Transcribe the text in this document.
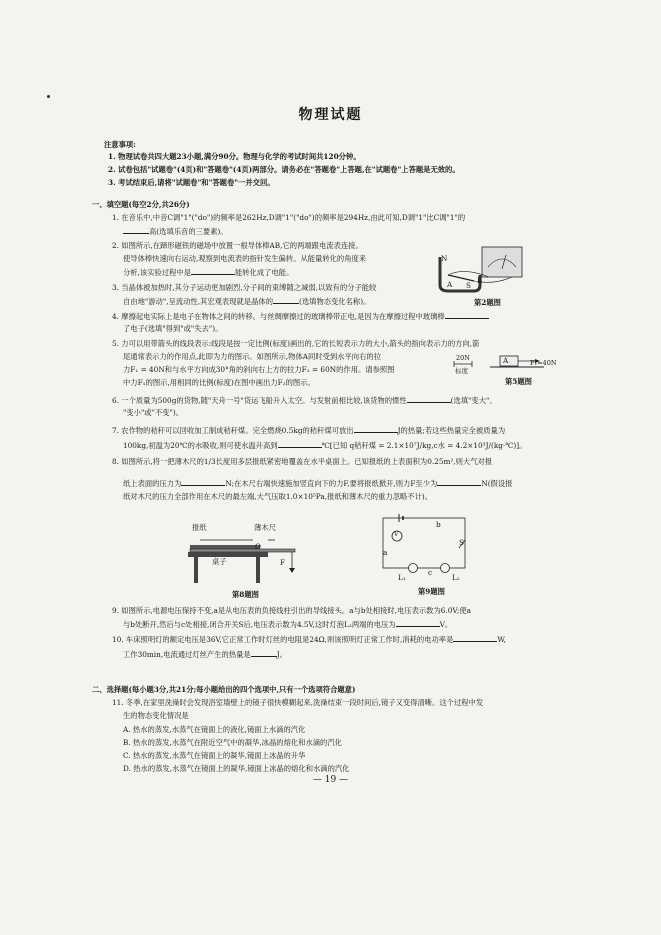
物理试题
注意事项:
1. 物理试卷共四大题23小题,满分90分。物理与化学的考试时间共120分钟。
2. 试卷包括"试题卷"(4页)和"答题卷"(4页)两部分。请务必在"答题卷"上答题,在"试题卷"上答题是无效的。
3. 考试结束后,请将"试题卷"和"答题卷"一并交回。
一、填空题(每空2分,共26分)
1. 在音乐中,中音C调"1"("do")的频率是262Hz,D调"1"("do")的频率是294Hz,由此可知,D调"1"比C调"1"的
高(选填乐音的三要素)。
2. 如图所示,在蹄形磁铁的磁场中放置一根导体棒AB,它的两端跟电流表连接。
使导体棒快速向右运动,观察到电流表的指针发生偏转。从能量转化的角度来
分析,该实验过程中是	能转化成了电能。
3. 当晶体被加热时,其分子运动更加剧烈,分子间的束缚随之减弱,以致有的分子能较
自由地"游动",呈流动性,其宏观表现就是晶体的	(选填物态变化名称)。
4. 摩擦起电实际上是电子在物体之间的转移。与丝绸摩擦过的玻璃棒带正电,是因为在摩擦过程中玻璃棒
了电子(选填"得到"或"失去")。
5. 力可以用带箭头的线段表示:线段是按一定比例(标度)画出的,它的长短表示力的大小,箭头的指向表示力的方向,箭
尾通常表示力的作用点,此即为力的图示。如图所示,物体A同时受到水平向右的拉
力F₁ = 40N和与水平方向成30°角的斜向右上方的拉力F₂ = 60N的作用。请参照图
中力F₁的图示,用相同的比例(标度)在图中画出力F₂的图示。
6. 一个质量为500g的货物,随"天舟一号"货运飞船升入太空。与发射前相比较,该货物的惯性	(选填"变大"、
"变小"或"不变")。
7. 农作物的秸秆可以回收加工制成秸秆煤。完全燃烧0.5kg的秸秆煤可放出	J的热量;若这些热量完全被质量为
100kg,初温为20℃的水吸收,则可使水温升高到	℃[已知 q秸秆煤 = 2.1×10⁷J/kg,c水 = 4.2×10³J/(kg·℃)]。
8. 如图所示,将一把薄木尺的1/3长度用多层报纸紧密地覆盖在水平桌面上。已知报纸的上表面积为0.25m²,则大气对报
纸上表面的压力为	N;在木尺右端快速施加竖直向下的力F,要将报纸掀开,则力F至少为	N(假设报
纸对木尺的压力全部作用在木尺的最左端,大气压取1.0×10⁵Pa,报纸和薄木尺的重力忽略不计)。
报纸	薄木尺
O
桌子	F
第8题图
V
a
b
c
S
L₁	L₂
第9题图
9. 如图所示,电源电压保持不变,a是从电压表的负接线柱引出的导线接头。a与b处相接时,电压表示数为6.0V;使a
与b处断开,然后与c处相接,闭合开关S后,电压表示数为4.5V,这时灯泡L₂两端的电压为	V。
10. 车床照明灯的额定电压是36V,它正常工作时灯丝的电阻是24Ω,则该照明灯正常工作时,消耗的电功率是	W,
工作30min,电流通过灯丝产生的热量是	J。
二、选择题(每小题3分,共21分;每小题给出的四个选项中,只有一个选项符合题意)
11. 冬季,在家里洗澡时会发现浴室墙壁上的镜子很快模糊起来,洗澡结束一段时间后,镜子又变得清晰。这个过程中发
生的物态变化情况是
A. 热水的蒸发,水蒸气在镜面上的液化,镜面上水滴的汽化
B. 热水的蒸发,水蒸气在附近空气中的凝华,冰晶的熔化和水滴的汽化
C. 热水的蒸发,水蒸气在镜面上的凝华,镜面上冰晶的升华
D. 热水的蒸发,水蒸气在镜面上的凝华,镜面上冰晶的熔化和水滴的汽化
N
A S
B
第2题图
20N
标度
A	F₁=40N
第5题图
— 19 —
